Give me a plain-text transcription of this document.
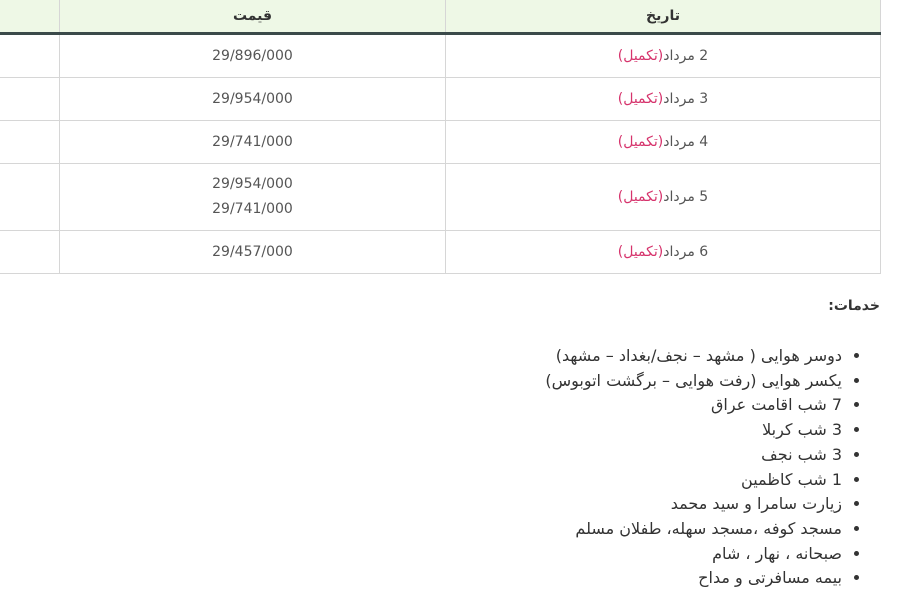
تاریخ	قیمت	
2 مرداد(تکمیل)	29/896/000	
3 مرداد(تکمیل)	29/954/000	
4 مرداد(تکمیل)	29/741/000	
5 مرداد(تکمیل)	29/954/000
29/741/000	

6 مرداد(تکمیل)	29/457/000	
خدمات:
• دوسر هوایی ( مشهد – نجف/بغداد – مشهد)
• یکسر هوایی (رفت هوایی – برگشت اتوبوس)
• 7 شب اقامت عراق
• 3 شب کربلا
• 3 شب نجف
• 1 شب کاظمین
• زیارت سامرا و سید محمد
• مسجد کوفه ،مسجد سهله، طفلان مسلم
• صبحانه ، نهار ، شام
• بیمه مسافرتی و مداح
